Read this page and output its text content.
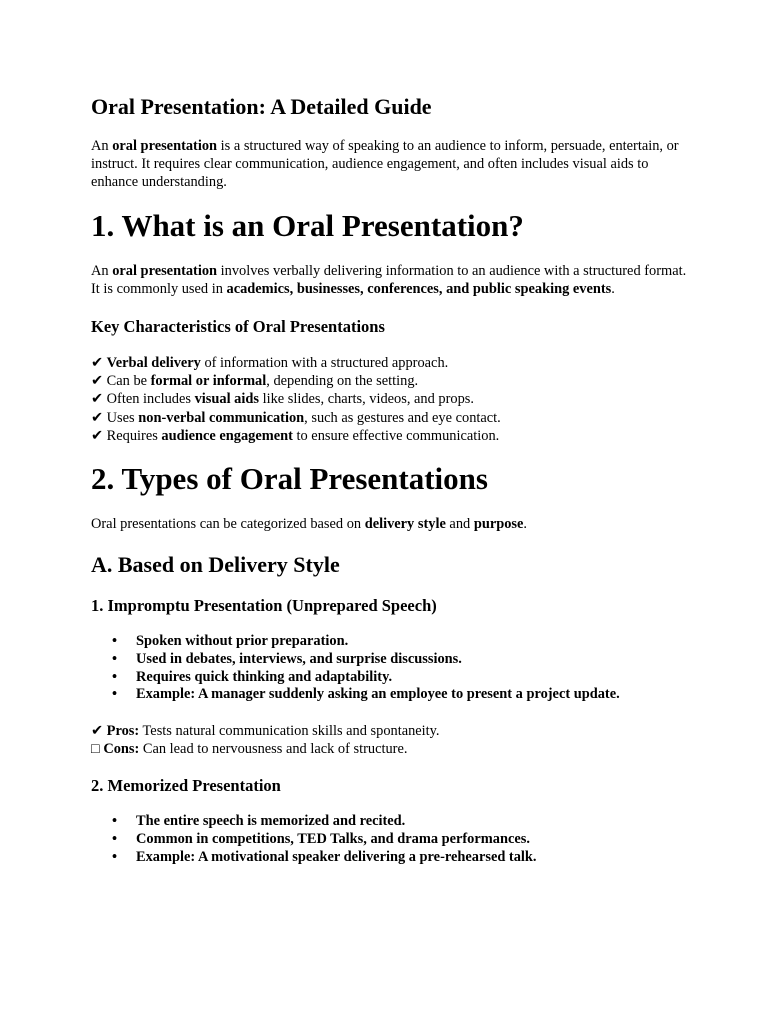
Oral Presentation: A Detailed Guide

An oral presentation is a structured way of speaking to an audience to inform, persuade, entertain, or instruct. It requires clear communication, audience engagement, and often includes visual aids to enhance understanding.

1. What is an Oral Presentation?

An oral presentation involves verbally delivering information to an audience with a structured format. It is commonly used in academics, businesses, conferences, and public speaking events.

Key Characteristics of Oral Presentations
✔ Verbal delivery of information with a structured approach.
✔ Can be formal or informal, depending on the setting.
✔ Often includes visual aids like slides, charts, videos, and props.
✔ Uses non-verbal communication, such as gestures and eye contact.
✔ Requires audience engagement to ensure effective communication.
2. Types of Oral Presentations

Oral presentations can be categorized based on delivery style and purpose.

A. Based on Delivery Style
1. Impromptu Presentation (Unprepared Speech)
• Spoken without prior preparation.
• Used in debates, interviews, and surprise discussions.
• Requires quick thinking and adaptability.
• Example: A manager suddenly asking an employee to present a project update.
✔ Pros: Tests natural communication skills and spontaneity.
□ Cons: Can lead to nervousness and lack of structure.
2. Memorized Presentation
• The entire speech is memorized and recited.
• Common in competitions, TED Talks, and drama performances.
• Example: A motivational speaker delivering a pre-rehearsed talk.
